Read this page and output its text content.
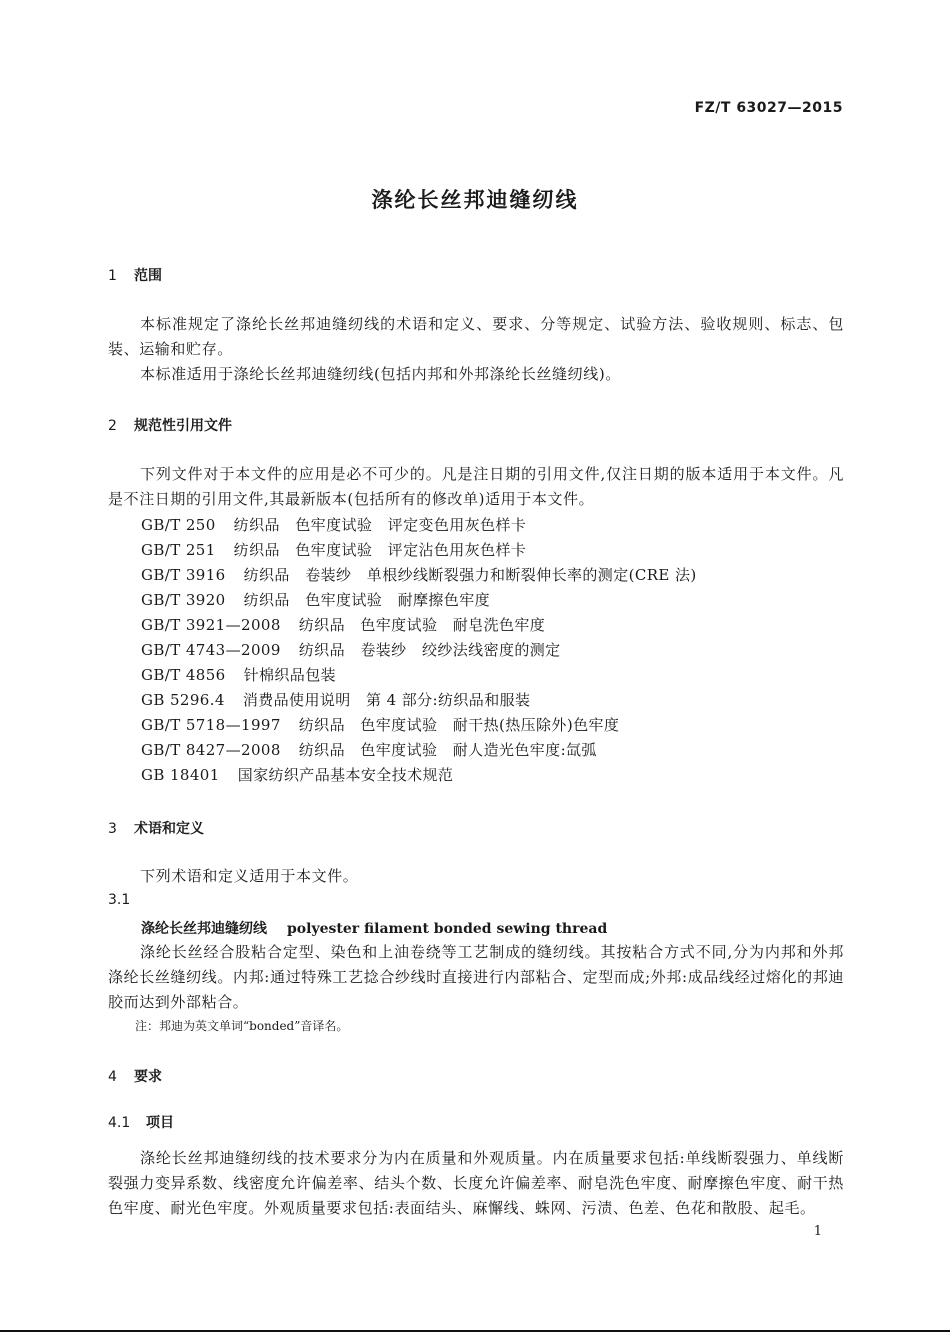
FZ/T 63027—2015
涤纶长丝邦迪缝纫线
1 范围
本标准规定了涤纶长丝邦迪缝纫线的术语和定义、要求、分等规定、试验方法、验收规则、标志、包装、运输和贮存。
本标准适用于涤纶长丝邦迪缝纫线(包括内邦和外邦涤纶长丝缝纫线)。
2 规范性引用文件
下列文件对于本文件的应用是必不可少的。凡是注日期的引用文件,仅注日期的版本适用于本文件。凡是不注日期的引用文件,其最新版本(包括所有的修改单)适用于本文件。
GB/T 250 纺织品　色牢度试验　评定变色用灰色样卡
GB/T 251 纺织品　色牢度试验　评定沾色用灰色样卡
GB/T 3916 纺织品　卷装纱　单根纱线断裂强力和断裂伸长率的测定(CRE 法)
GB/T 3920 纺织品　色牢度试验　耐摩擦色牢度
GB/T 3921—2008 纺织品　色牢度试验　耐皂洗色牢度
GB/T 4743—2009 纺织品　卷装纱　绞纱法线密度的测定
GB/T 4856 针棉织品包装
GB 5296.4 消费品使用说明　第 4 部分:纺织品和服装
GB/T 5718—1997 纺织品　色牢度试验　耐干热(热压除外)色牢度
GB/T 8427—2008 纺织品　色牢度试验　耐人造光色牢度:氙弧
GB 18401 国家纺织产品基本安全技术规范
3 术语和定义
下列术语和定义适用于本文件。
3.1
涤纶长丝邦迪缝纫线 polyester filament bonded sewing thread
涤纶长丝经合股粘合定型、染色和上油卷绕等工艺制成的缝纫线。其按粘合方式不同,分为内邦和外邦涤纶长丝缝纫线。内邦:通过特殊工艺捻合纱线时直接进行内部粘合、定型而成;外邦:成品线经过熔化的邦迪胶而达到外部粘合。
注：邦迪为英文单词“bonded”音译名。
4 要求
4.1 项目
涤纶长丝邦迪缝纫线的技术要求分为内在质量和外观质量。内在质量要求包括:单线断裂强力、单线断裂强力变异系数、线密度允许偏差率、结头个数、长度允许偏差率、耐皂洗色牢度、耐摩擦色牢度、耐干热色牢度、耐光色牢度。外观质量要求包括:表面结头、麻懈线、蛛网、污渍、色差、色花和散股、起毛。
1
